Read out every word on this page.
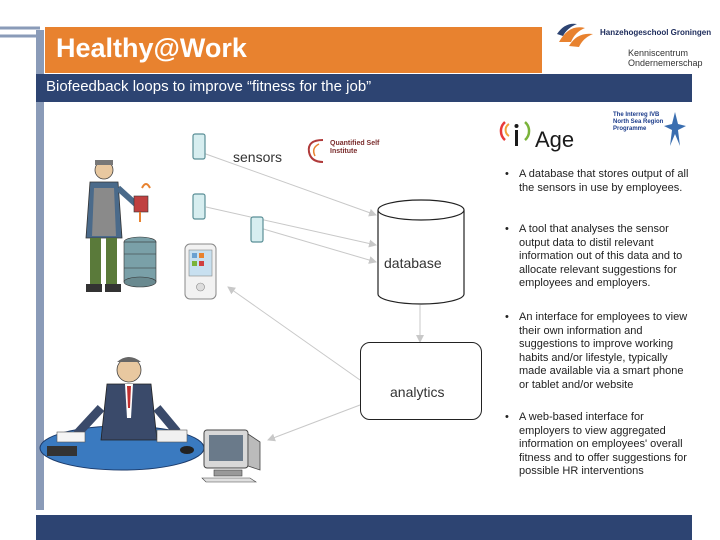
Healthy@Work
Biofeedback loops to improve “fitness for the job”
Hanzehogeschool Groningen
Kenniscentrum Ondernemerschap
Age
The Interreg IVB North Sea Region Programme
Quantified Self Institute
sensors
database
analytics
• A database that stores output of all the sensors in use by employees.
• A tool that analyses the sensor output data to distil relevant information out of this data and to allocate relevant suggestions for employees and employers.
• An interface for employees to view their own information and suggestions to improve working habits and/or lifestyle, typically made available via a smart phone or tablet and/or website
• A web-based interface for employers to view aggregated information on employees' overall fitness and to offer suggestions for possible HR interventions
